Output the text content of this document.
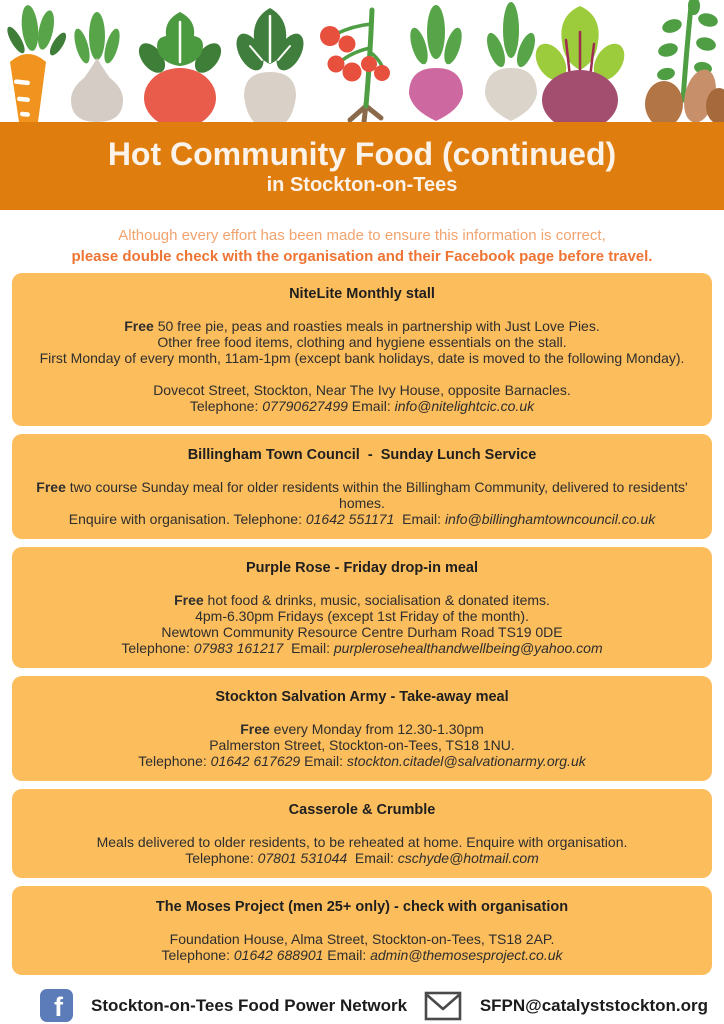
Hot Community Food (continued)
in Stockton-on-Tees

Although every effort has been made to ensure this information is correct,

please double check with the organisation and their Facebook page before travel.

NiteLite Monthly stall

Free 50 free pie, peas and roasties meals in partnership with Just Love Pies.

Other free food items, clothing and hygiene essentials on the stall.

First Monday of every month, 11am-1pm (except bank holidays, date is moved to the following Monday).

Dovecot Street, Stockton, Near The Ivy House, opposite Barnacles.

Telephone: 07790627499 Email: info@nitelightcic.co.uk

Billingham Town Council  -  Sunday Lunch Service

Free two course Sunday meal for older residents within the Billingham Community, delivered to residents' homes.

Enquire with organisation. Telephone: 01642 551171  Email: info@billinghamtowncouncil.co.uk

Purple Rose - Friday drop-in meal

Free hot food & drinks, music, socialisation & donated items.

4pm-6.30pm Fridays (except 1st Friday of the month).

Newtown Community Resource Centre Durham Road TS19 0DE

Telephone: 07983 161217  Email: purplerosehealthandwellbeing@yahoo.com

Stockton Salvation Army - Take-away meal

Free every Monday from 12.30-1.30pm

Palmerston Street, Stockton-on-Tees, TS18 1NU.

Telephone: 01642 617629 Email: stockton.citadel@salvationarmy.org.uk

Casserole & Crumble

Meals delivered to older residents, to be reheated at home. Enquire with organisation.

Telephone: 07801 531044  Email: cschyde@hotmail.com

The Moses Project (men 25+ only) - check with organisation

Foundation House, Alma Street, Stockton-on-Tees, TS18 2AP.

Telephone: 01642 688901 Email: admin@themosesproject.co.uk

f Stockton-on-Tees Food Power Network	SFPN@catalyststockton.org
